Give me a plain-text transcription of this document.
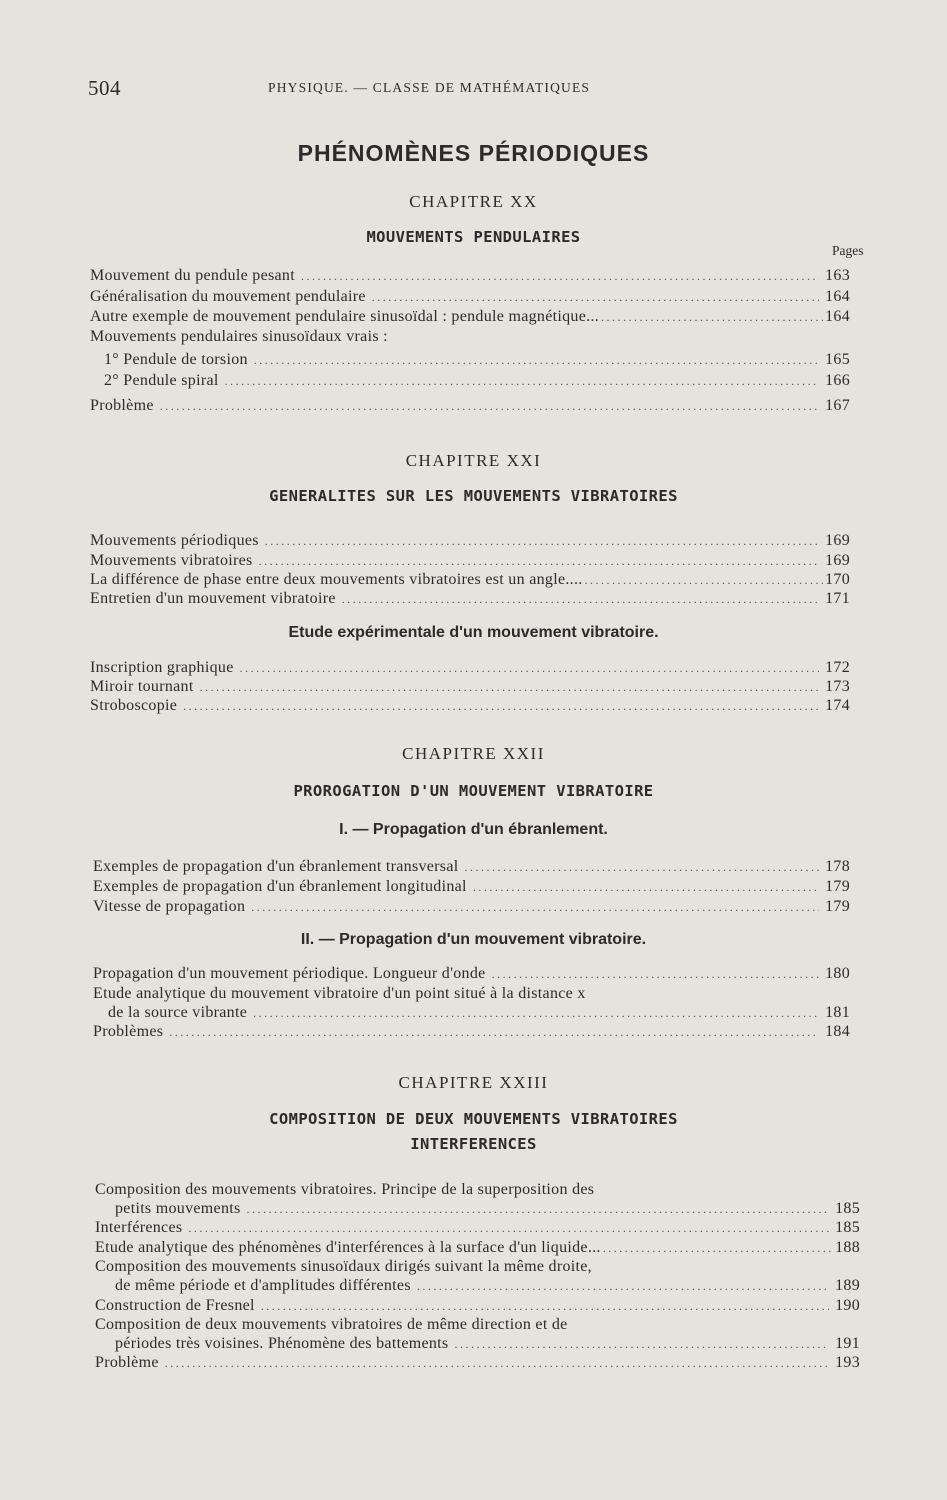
504	PHYSIQUE. — CLASSE DE MATHÉMATIQUES
PHÉNOMÈNES PÉRIODIQUES
CHAPITRE XX
MOUVEMENTS PENDULAIRES
Pages
Mouvement du pendule pesant .....	163
Généralisation du mouvement pendulaire .....	164
Autre exemple de mouvement pendulaire sinusoïdal : pendule magnétique... .....	164
Mouvements pendulaires sinusoïdaux vrais :
1° Pendule de torsion .....	165
2° Pendule spiral .....	166
Problème .....	167
CHAPITRE XXI
GENERALITES SUR LES MOUVEMENTS VIBRATOIRES
Mouvements périodiques .....	169
Mouvements vibratoires .....	169
La différence de phase entre deux mouvements vibratoires est un angle.... .....	170
Entretien d'un mouvement vibratoire .....	171
Etude expérimentale d'un mouvement vibratoire.
Inscription graphique .....	172
Miroir tournant .....	173
Stroboscopie .....	174
CHAPITRE XXII
PROROGATION D'UN MOUVEMENT VIBRATOIRE
I. — Propagation d'un ébranlement.
Exemples de propagation d'un ébranlement transversal .....	178
Exemples de propagation d'un ébranlement longitudinal .....	179
Vitesse de propagation .....	179
II. — Propagation d'un mouvement vibratoire.
Propagation d'un mouvement périodique. Longueur d'onde .....	180
Etude analytique du mouvement vibratoire d'un point situé à la distance x
de la source vibrante .....	181
Problèmes .....	184
CHAPITRE XXIII
COMPOSITION DE DEUX MOUVEMENTS VIBRATOIRES
INTERFERENCES
Composition des mouvements vibratoires. Principe de la superposition des
petits mouvements .....	185
Interférences .....	185
Etude analytique des phénomènes d'interférences à la surface d'un liquide... .....	188
Composition des mouvements sinusoïdaux dirigés suivant la même droite,
de même période et d'amplitudes différentes .....	189
Construction de Fresnel .....	190
Composition de deux mouvements vibratoires de même direction et de
périodes très voisines. Phénomène des battements .....	191
Problème .....	193
